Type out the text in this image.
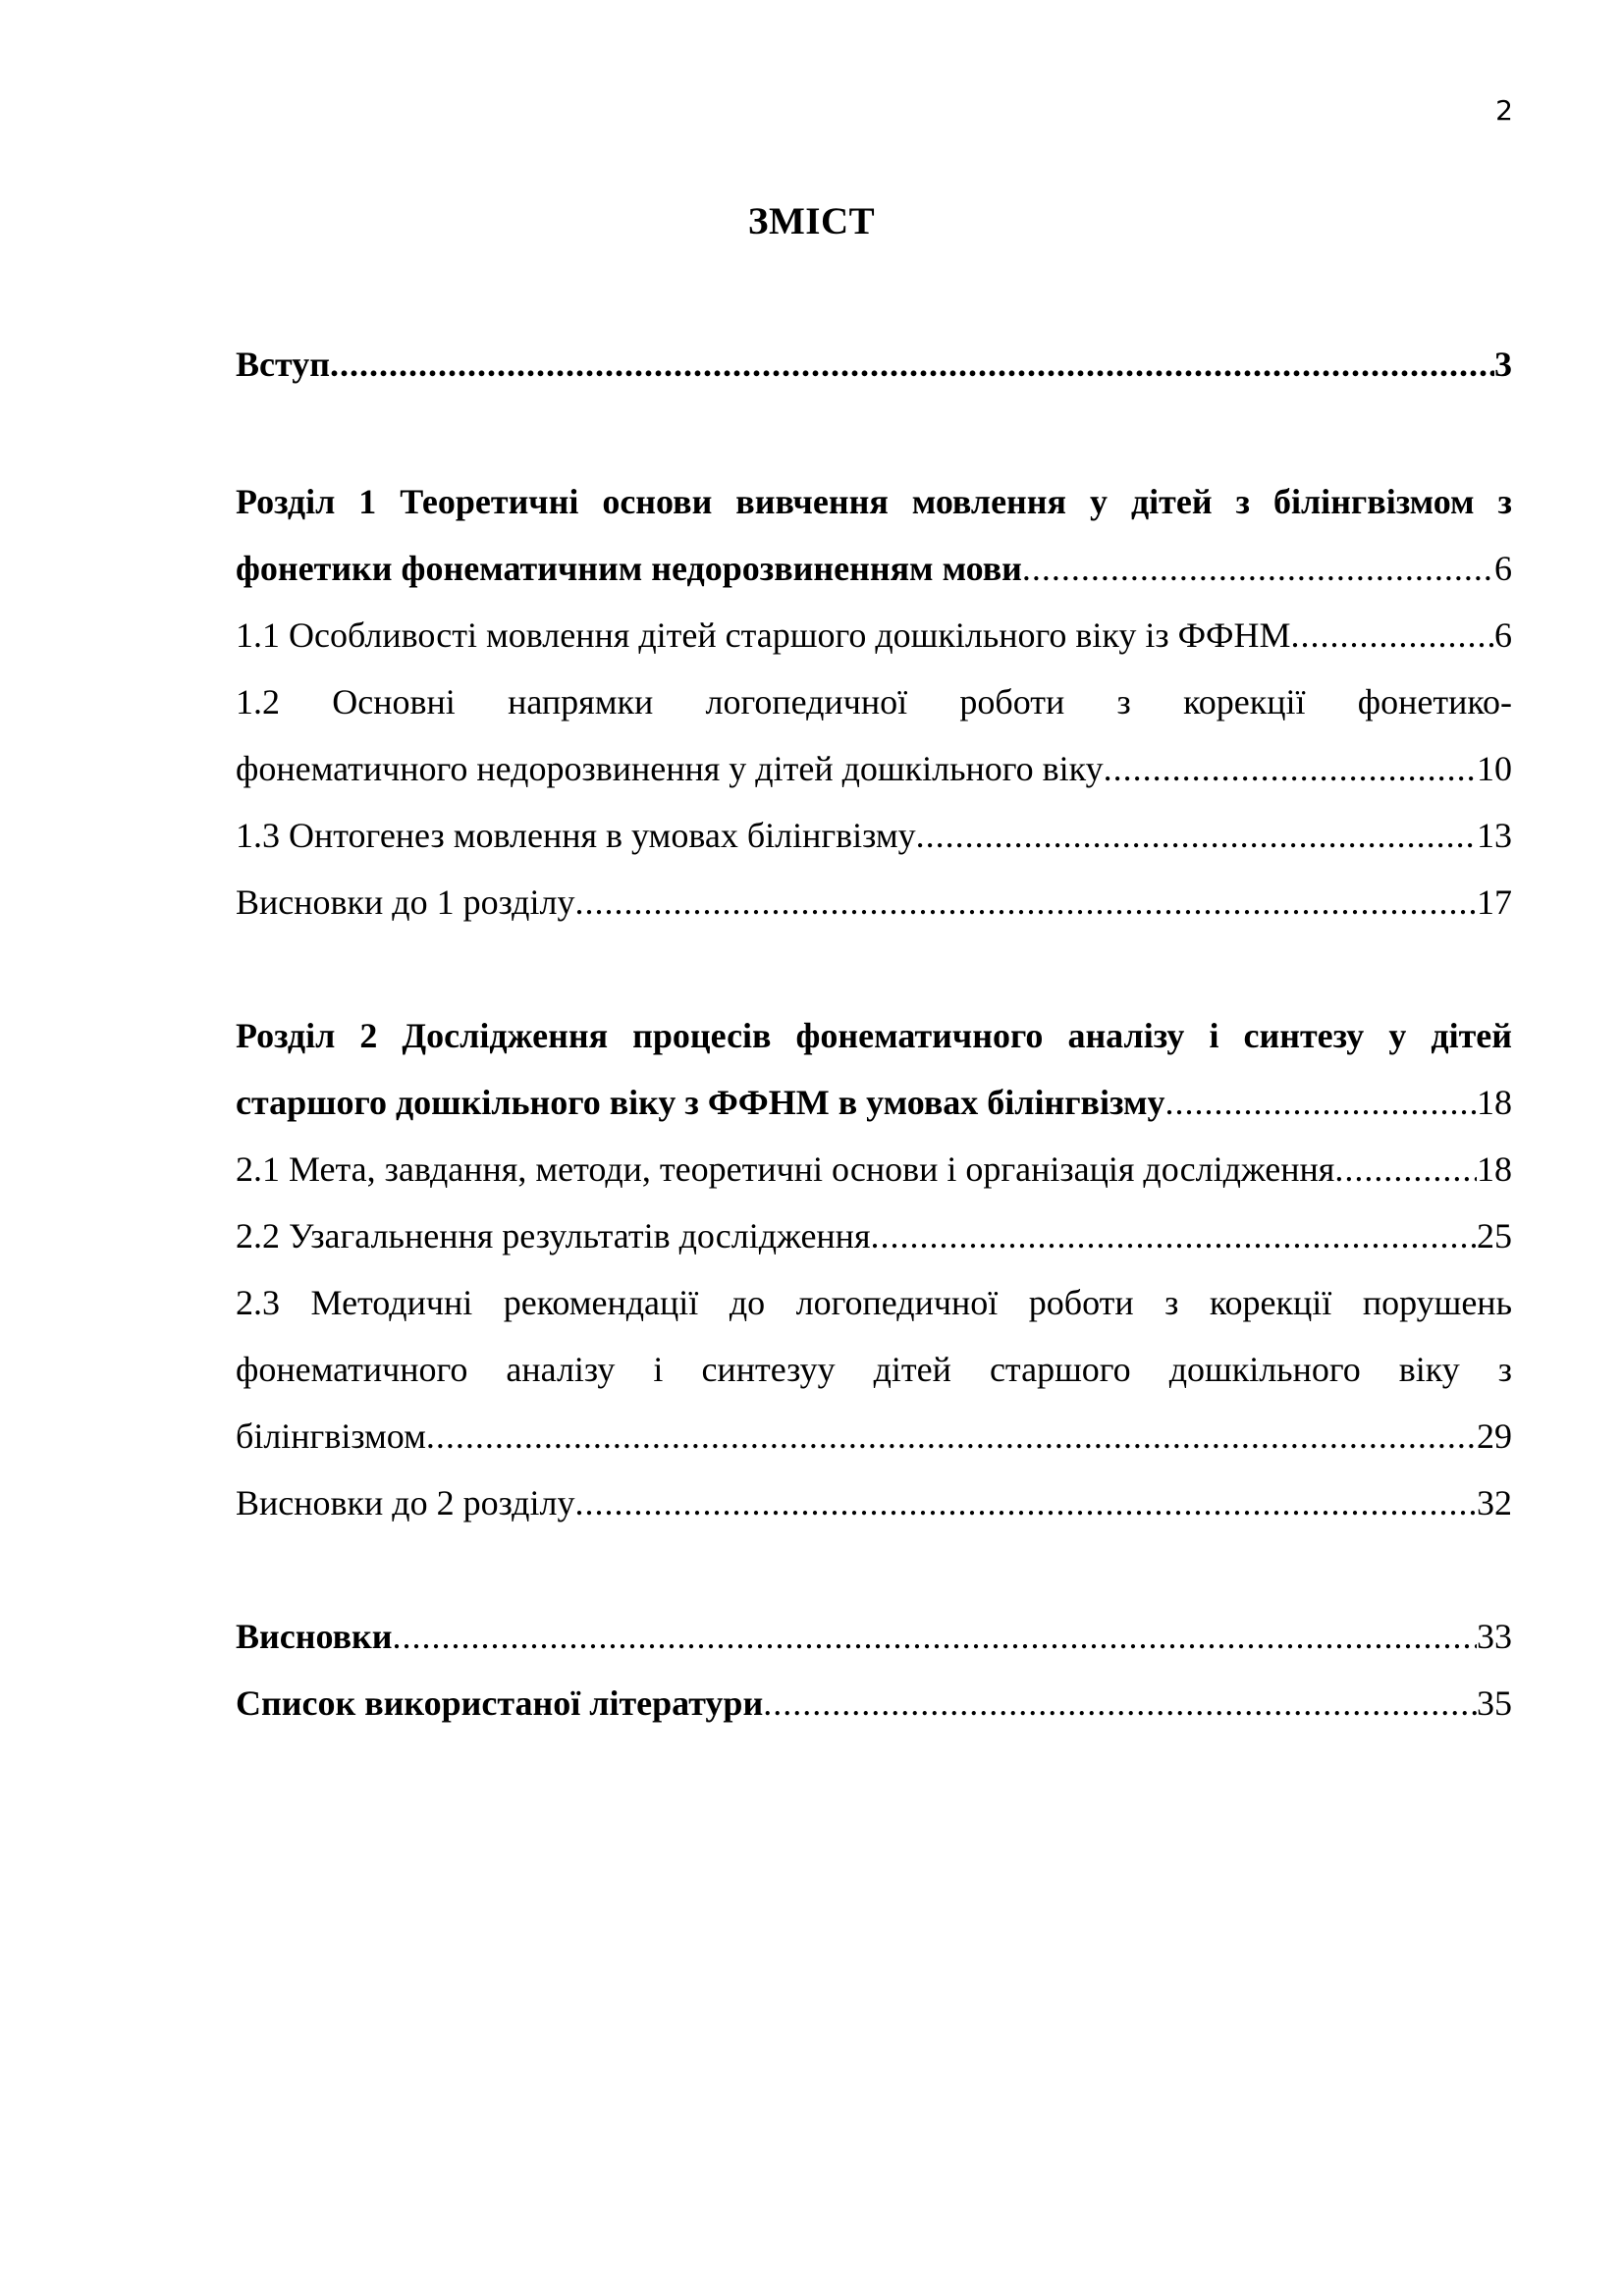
2
ЗМІСТ
Вступ .....	3
Розділ 1 Теоретичні основи вивчення мовлення у дітей з білінгвізмом з
фонетики фонематичним недорозвиненням мови .....	6
1.1 Особливості мовлення дітей старшого дошкільного віку із ФФНМ .....	6
1.2 Основні напрямки логопедичної роботи з корекції фонетико-
фонематичного недорозвинення у дітей дошкільного віку .....	10
1.3 Онтогенез мовлення в умовах білінгвізму .....	13
Висновки до 1 розділу .....	17
Розділ 2 Дослідження процесів фонематичного аналізу і синтезу у дітей
старшого дошкільного віку з ФФНМ в умовах білінгвізму .....	18
2.1 Мета, завдання, методи, теоретичні основи і організація дослідження .....	18
2.2 Узагальнення результатів дослідження .....	25
2.3 Методичні рекомендації до логопедичної роботи з корекції порушень
фонематичного аналізу і синтезуу дітей старшого дошкільного віку з
білінгвізмом .....	29
Висновки до 2 розділу .....	32
Висновки .....	33
Список використаної літератури .....	35
